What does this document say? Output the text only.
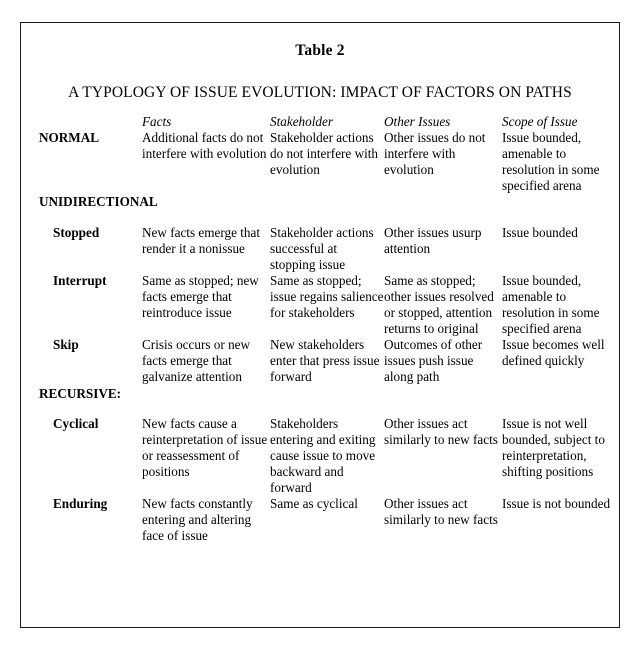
Table 2
A TYPOLOGY OF ISSUE EVOLUTION: IMPACT OF FACTORS ON PATHS
	Facts	Stakeholder	Other Issues	Scope of Issue
NORMAL	Additional facts do not interfere with evolution	Stakeholder actions do not interfere with evolution	Other issues do not interfere with evolution	Issue bounded, amenable to resolution in some specified arena
UNIDIRECTIONAL				
Stopped	New facts emerge that render it a nonissue	Stakeholder actions successful at stopping issue	Other issues usurp attention	Issue bounded
Interrupt	Same as stopped; new facts emerge that reintroduce issue	Same as stopped; issue regains salience for stakeholders	Same as stopped; other issues resolved or stopped, attention returns to original	Issue bounded, amenable to resolution in some specified arena
Skip	Crisis occurs or new facts emerge that galvanize attention	New stakeholders enter that press issue forward	Outcomes of other issues push issue along path	Issue becomes well defined quickly
RECURSIVE:				
Cyclical	New facts cause a reinterpretation of issue or reassessment of positions	Stakeholders entering and exiting cause issue to move backward and forward	Other issues act similarly to new facts	Issue is not well bounded, subject to reinterpretation, shifting positions
Enduring	New facts constantly entering and altering face of issue	Same as cyclical	Other issues act similarly to new facts	Issue is not bounded
